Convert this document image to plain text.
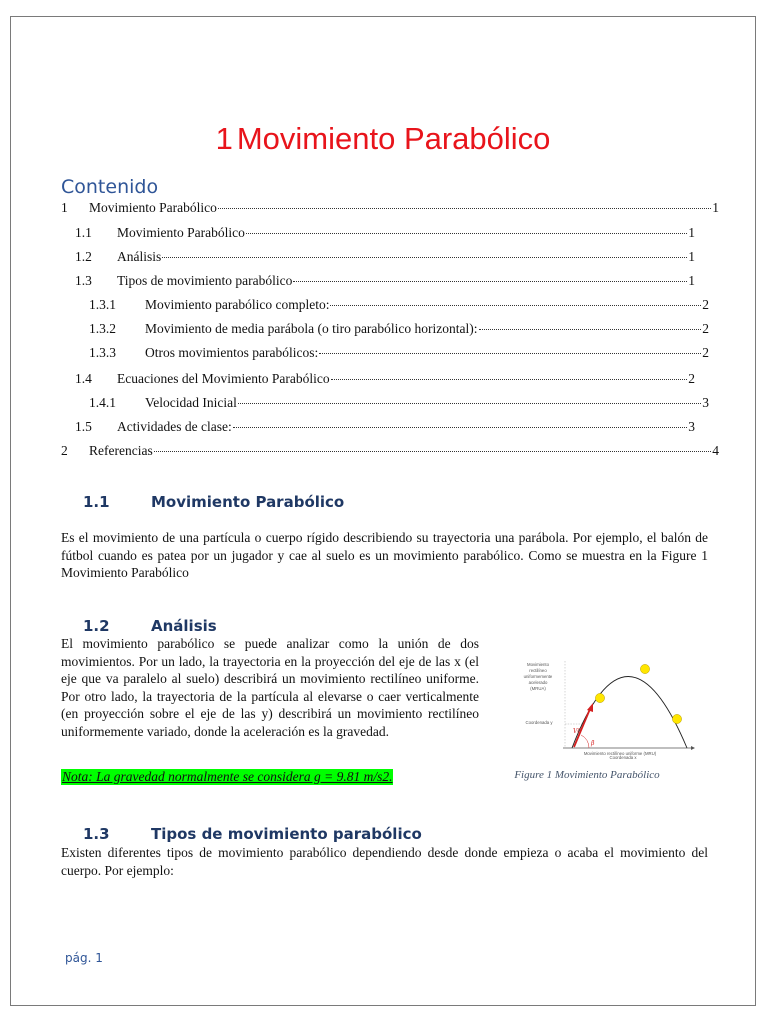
1 Movimiento Parabólico
Contenido
1	Movimiento Parabólico	1
1.1	Movimiento Parabólico	1
1.2	Análisis	1
1.3	Tipos de movimiento parabólico	1
1.3.1	Movimiento parabólico completo:	2
1.3.2	Movimiento de media parábola (o tiro parabólico horizontal):	2
1.3.3	Otros movimientos parabólicos:	2
1.4	Ecuaciones del Movimiento Parabólico	2
1.4.1	Velocidad Inicial	3
1.5	Actividades de clase:	3
2	Referencias	4
1.1	Movimiento Parabólico

Es el movimiento de una partícula o cuerpo rígido describiendo su trayectoria una parábola. Por ejemplo, el balón de fútbol cuando es patea por un jugador y cae al suelo es un movimiento parabólico. Como se muestra en la Figure 1 Movimiento Parabólico

1.2	Análisis

El movimiento parabólico se puede analizar como la unión de dos movimientos. Por un lado, la trayectoria en la proyección del eje de las x (el eje que va paralelo al suelo) describirá un movimiento rectilíneo uniforme. Por otro lado, la trayectoria de la partícula al elevarse o caer verticalmente (en proyección sobre el eje de las y) describirá un movimiento rectilíneo uniformemente variado, donde la aceleración es la gravedad.

Nota: La gravedad normalmente se considera g = 9.81 m/s2.

Movimiento
rectilíneo
uniformemente
acelerado
(MRUA)
Coordenada y
Coordenada x
V0
β
Movimiento rectilíneo uniforme (MRU)

Figure 1 Movimiento Parabólico

1.3	Tipos de movimiento parabólico

Existen diferentes tipos de movimiento parabólico dependiendo desde donde empieza o acaba el movimiento del cuerpo. Por ejemplo:

pág. 1
